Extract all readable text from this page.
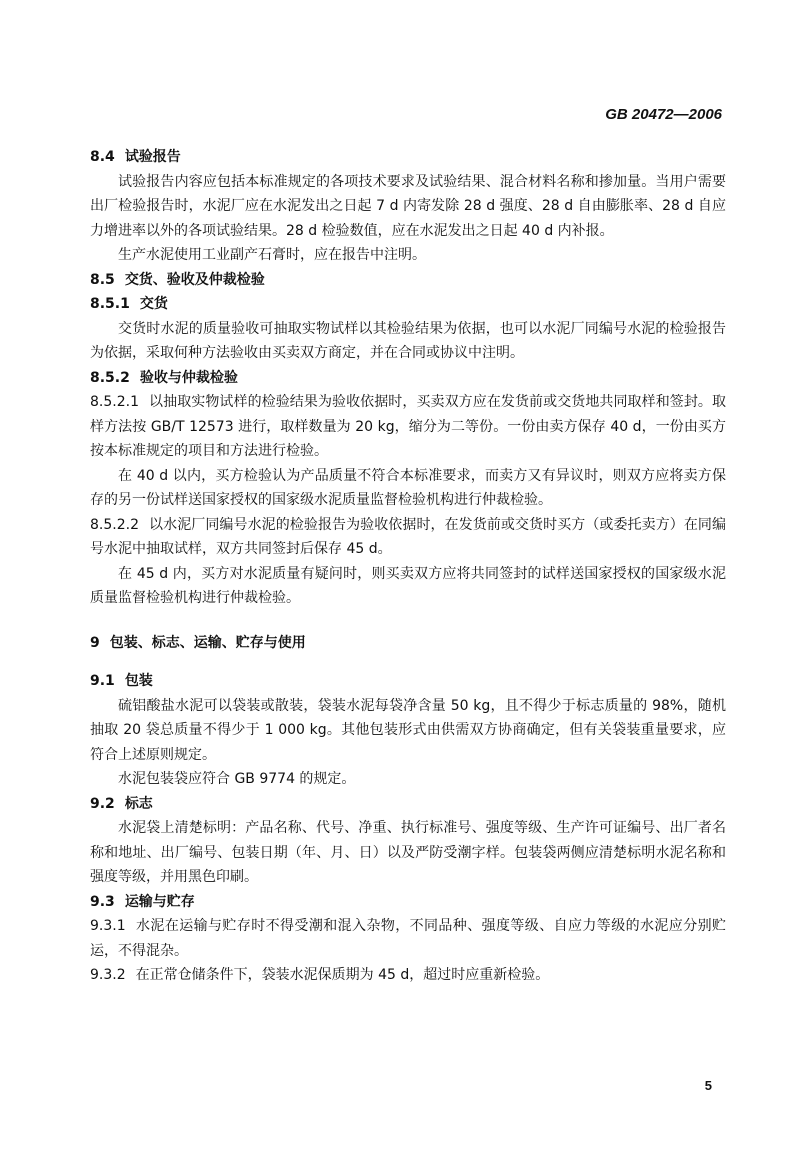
GB 20472—2006
8.4 试验报告
试验报告内容应包括本标准规定的各项技术要求及试验结果、混合材料名称和掺加量。当用户需要出厂检验报告时，水泥厂应在水泥发出之日起 7 d 内寄发除 28 d 强度、28 d 自由膨胀率、28 d 自应力增进率以外的各项试验结果。28 d 检验数值，应在水泥发出之日起 40 d 内补报。
生产水泥使用工业副产石膏时，应在报告中注明。
8.5 交货、验收及仲裁检验
8.5.1 交货
交货时水泥的质量验收可抽取实物试样以其检验结果为依据，也可以水泥厂同编号水泥的检验报告为依据，采取何种方法验收由买卖双方商定，并在合同或协议中注明。
8.5.2 验收与仲裁检验
8.5.2.1 以抽取实物试样的检验结果为验收依据时，买卖双方应在发货前或交货地共同取样和签封。取样方法按 GB/T 12573 进行，取样数量为 20 kg，缩分为二等份。一份由卖方保存 40 d，一份由买方按本标准规定的项目和方法进行检验。
在 40 d 以内，买方检验认为产品质量不符合本标准要求，而卖方又有异议时，则双方应将卖方保存的另一份试样送国家授权的国家级水泥质量监督检验机构进行仲裁检验。
8.5.2.2 以水泥厂同编号水泥的检验报告为验收依据时，在发货前或交货时买方（或委托卖方）在同编号水泥中抽取试样，双方共同签封后保存 45 d。
在 45 d 内，买方对水泥质量有疑问时，则买卖双方应将共同签封的试样送国家授权的国家级水泥质量监督检验机构进行仲裁检验。
9 包装、标志、运输、贮存与使用
9.1 包装
硫铝酸盐水泥可以袋装或散装，袋装水泥每袋净含量 50 kg，且不得少于标志质量的 98%，随机抽取 20 袋总质量不得少于 1 000 kg。其他包装形式由供需双方协商确定，但有关袋装重量要求，应符合上述原则规定。
水泥包装袋应符合 GB 9774 的规定。
9.2 标志
水泥袋上清楚标明：产品名称、代号、净重、执行标准号、强度等级、生产许可证编号、出厂者名称和地址、出厂编号、包装日期（年、月、日）以及严防受潮字样。包装袋两侧应清楚标明水泥名称和强度等级，并用黑色印刷。
9.3 运输与贮存
9.3.1 水泥在运输与贮存时不得受潮和混入杂物，不同品种、强度等级、自应力等级的水泥应分别贮运，不得混杂。
9.3.2 在正常仓储条件下，袋装水泥保质期为 45 d，超过时应重新检验。
5
